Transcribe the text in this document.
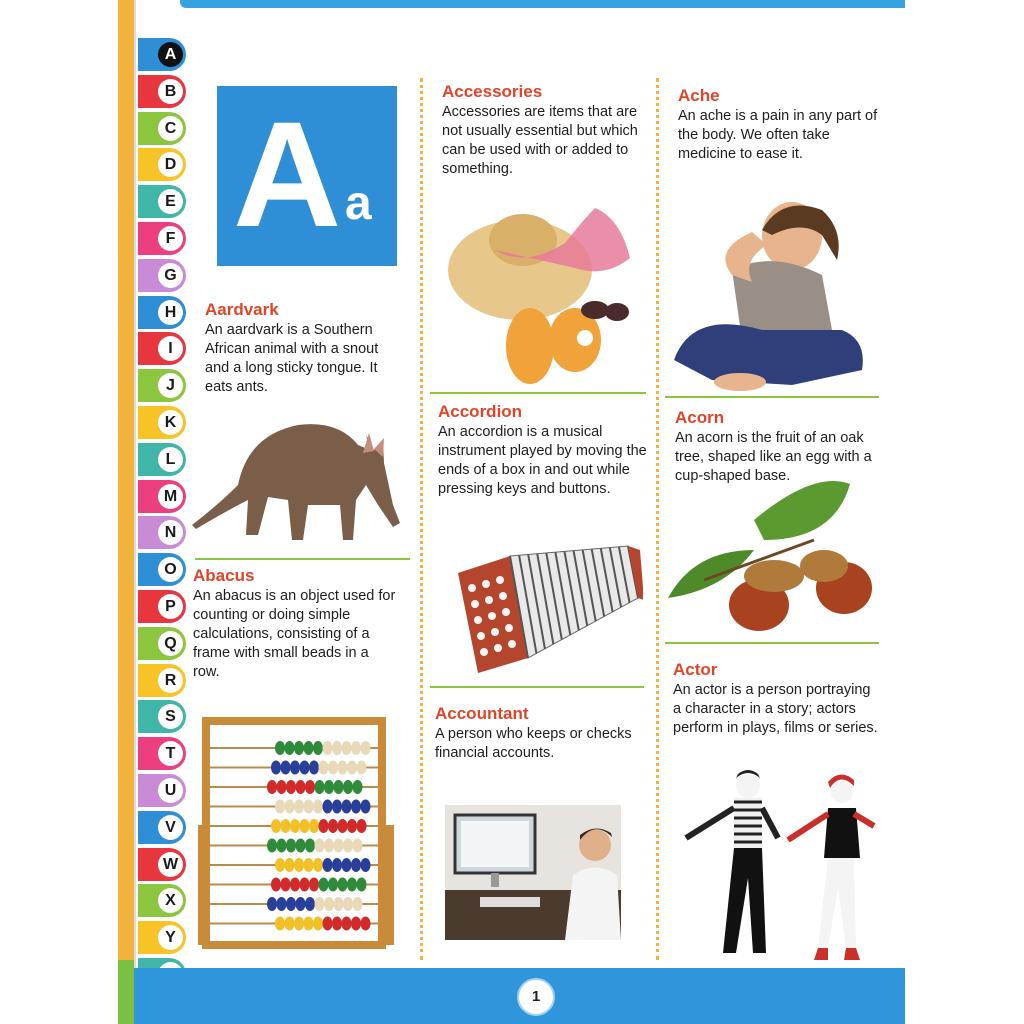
A
B
C
D
E
F
G
H
I
J
K
L
M
N
O
P
Q
R
S
T
U
V
W
X
Y
A a
Aardvark
An aardvark is a Southern African animal with a snout and a long sticky tongue. It eats ants.
Abacus
An abacus is an object used for counting or doing simple calculations, consisting of a frame with small beads in a row.
Accessories
Accessories are items that are not usually essential but which can be used with or added to something.
Accordion
An accordion is a musical instrument played by moving the ends of a box in and out while pressing keys and buttons.
Accountant
A person who keeps or checks financial accounts.
Ache
An ache is a pain in any part of the body. We often take medicine to ease it.
Acorn
An acorn is the fruit of an oak tree, shaped like an egg with a cup-shaped base.
Actor
An actor is a person portraying a character in a story; actors perform in plays, films or series.
1
